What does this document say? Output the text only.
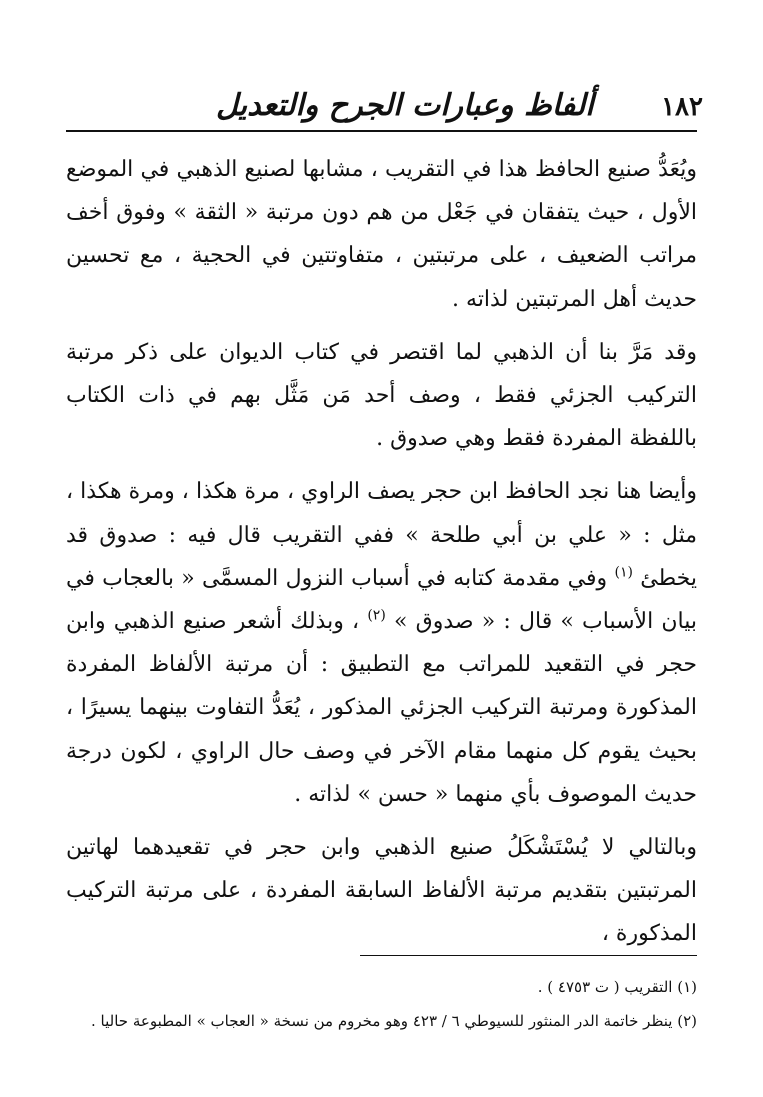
١٨٢
ألفاظ وعبارات الجرح والتعديل

ويُعَدُّ صنيع الحافظ هذا في التقريب ، مشابها لصنيع الذهبي في الموضع الأول ، حيث يتفقان في جَعْل من هم دون مرتبة « الثقة » وفوق أخف مراتب الضعيف ، على مرتبتين ، متفاوتتين في الحجية ، مع تحسين حديث أهل المرتبتين لذاته .

وقد مَرَّ بنا أن الذهبي لما اقتصر في كتاب الديوان على ذكر مرتبة التركيب الجزئي فقط ، وصف أحد مَن مَثَّل بهم في ذات الكتاب باللفظة المفردة فقط وهي صدوق .

وأيضا هنا نجد الحافظ ابن حجر يصف الراوي ، مرة هكذا ، ومرة هكذا ، مثل : « علي بن أبي طلحة » ففي التقريب قال فيه : صدوق قد يخطئ $^{(١)}$ وفي مقدمة كتابه في أسباب النزول المسمَّى « بالعجاب في بيان الأسباب » قال : « صدوق » $^{(٢)}$ ، وبذلك أشعر صنيع الذهبي وابن حجر في التقعيد للمراتب مع التطبيق : أن مرتبة الألفاظ المفردة المذكورة ومرتبة التركيب الجزئي المذكور ، يُعَدُّ التفاوت بينهما يسيرًا ، بحيث يقوم كل منهما مقام الآخر في وصف حال الراوي ، لكون درجة حديث الموصوف بأي منهما « حسن » لذاته .

وبالتالي لا يُسْتَشْكَلُ صنيع الذهبي وابن حجر في تقعيدهما لهاتين المرتبتين بتقديم مرتبة الألفاظ السابقة المفردة ، على مرتبة التركيب المذكورة ،

(١) التقريب ( ت ٤٧٥٣ ) .
(٢) ينظر خاتمة الدر المنثور للسيوطي ٦ / ٤٢٣ وهو مخروم من نسخة « العجاب » المطبوعة حاليا .
